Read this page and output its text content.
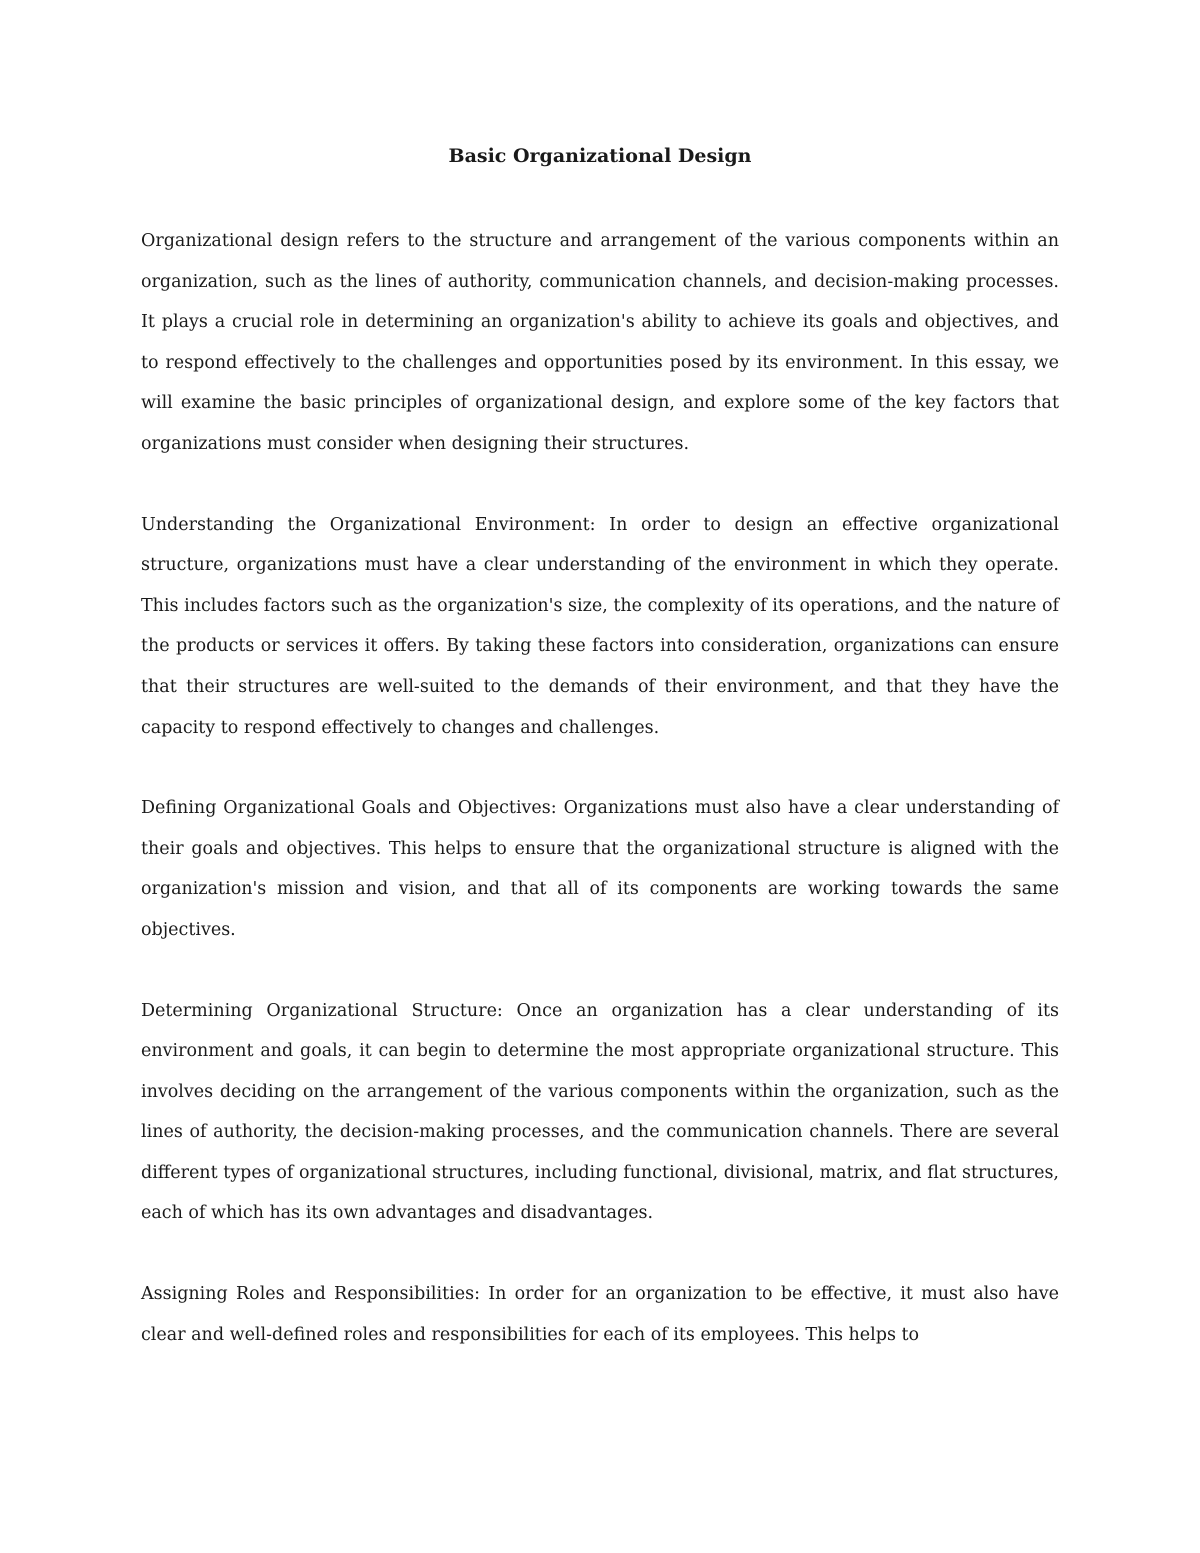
Basic Organizational Design

Organizational design refers to the structure and arrangement of the various components within an organization, such as the lines of authority, communication channels, and decision-making processes. It plays a crucial role in determining an organization's ability to achieve its goals and objectives, and to respond effectively to the challenges and opportunities posed by its environment. In this essay, we will examine the basic principles of organizational design, and explore some of the key factors that organizations must consider when designing their structures.

Understanding the Organizational Environment: In order to design an effective organizational structure, organizations must have a clear understanding of the environment in which they operate. This includes factors such as the organization's size, the complexity of its operations, and the nature of the products or services it offers. By taking these factors into consideration, organizations can ensure that their structures are well-suited to the demands of their environment, and that they have the capacity to respond effectively to changes and challenges.

Defining Organizational Goals and Objectives: Organizations must also have a clear understanding of their goals and objectives. This helps to ensure that the organizational structure is aligned with the organization's mission and vision, and that all of its components are working towards the same objectives.

Determining Organizational Structure: Once an organization has a clear understanding of its environment and goals, it can begin to determine the most appropriate organizational structure. This involves deciding on the arrangement of the various components within the organization, such as the lines of authority, the decision-making processes, and the communication channels. There are several different types of organizational structures, including functional, divisional, matrix, and flat structures, each of which has its own advantages and disadvantages.

Assigning Roles and Responsibilities: In order for an organization to be effective, it must also have clear and well-defined roles and responsibilities for each of its employees. This helps to
